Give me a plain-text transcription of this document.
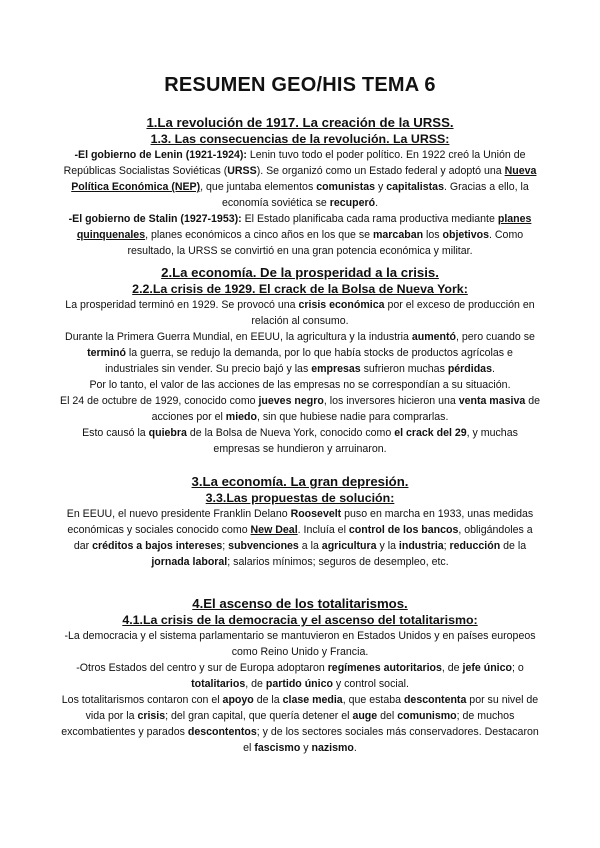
RESUMEN GEO/HIS TEMA 6
1.La revolución de 1917. La creación de la URSS.
1.3. Las consecuencias de la revolución. La URSS:

-El gobierno de Lenin (1921-1924): Lenin tuvo todo el poder político. En 1922 creó la Unión de Repúblicas Socialistas Soviéticas (URSS). Se organizó como un Estado federal y adoptó una Nueva Política Económica (NEP), que juntaba elementos comunistas y capitalistas. Gracias a ello, la economía soviética se recuperó.

-El gobierno de Stalin (1927-1953): El Estado planificaba cada rama productiva mediante planes quinquenales, planes económicos a cinco años en los que se marcaban los objetivos. Como resultado, la URSS se convirtió en una gran potencia económica y militar.

2.La economía. De la prosperidad a la crisis.
2.2.La crisis de 1929. El crack de la Bolsa de Nueva York:

La prosperidad terminó en 1929. Se provocó una crisis económica por el exceso de producción en relación al consumo.

Durante la Primera Guerra Mundial, en EEUU, la agricultura y la industria aumentó, pero cuando se terminó la guerra, se redujo la demanda, por lo que había stocks de productos agrícolas e industriales sin vender. Su precio bajó y las empresas sufrieron muchas pérdidas.

Por lo tanto, el valor de las acciones de las empresas no se correspondían a su situación.

El 24 de octubre de 1929, conocido como jueves negro, los inversores hicieron una venta masiva de acciones por el miedo, sin que hubiese nadie para comprarlas.

Esto causó la quiebra de la Bolsa de Nueva York, conocido como el crack del 29, y muchas empresas se hundieron y arruinaron.

3.La economía. La gran depresión.
3.3.Las propuestas de solución:

En EEUU, el nuevo presidente Franklin Delano Roosevelt puso en marcha en 1933, unas medidas económicas y sociales conocido como New Deal. Incluía el control de los bancos, obligándoles a dar créditos a bajos intereses; subvenciones a la agricultura y la industria; reducción de la jornada laboral; salarios mínimos; seguros de desempleo, etc.

4.El ascenso de los totalitarismos.
4.1.La crisis de la democracia y el ascenso del totalitarismo:

-La democracia y el sistema parlamentario se mantuvieron en Estados Unidos y en países europeos como Reino Unido y Francia.

-Otros Estados del centro y sur de Europa adoptaron regímenes autoritarios, de jefe único; o totalitarios, de partido único y control social.

Los totalitarismos contaron con el apoyo de la clase media, que estaba descontenta por su nivel de vida por la crisis; del gran capital, que quería detener el auge del comunismo; de muchos excombatientes y parados descontentos; y de los sectores sociales más conservadores. Destacaron el fascismo y nazismo.
